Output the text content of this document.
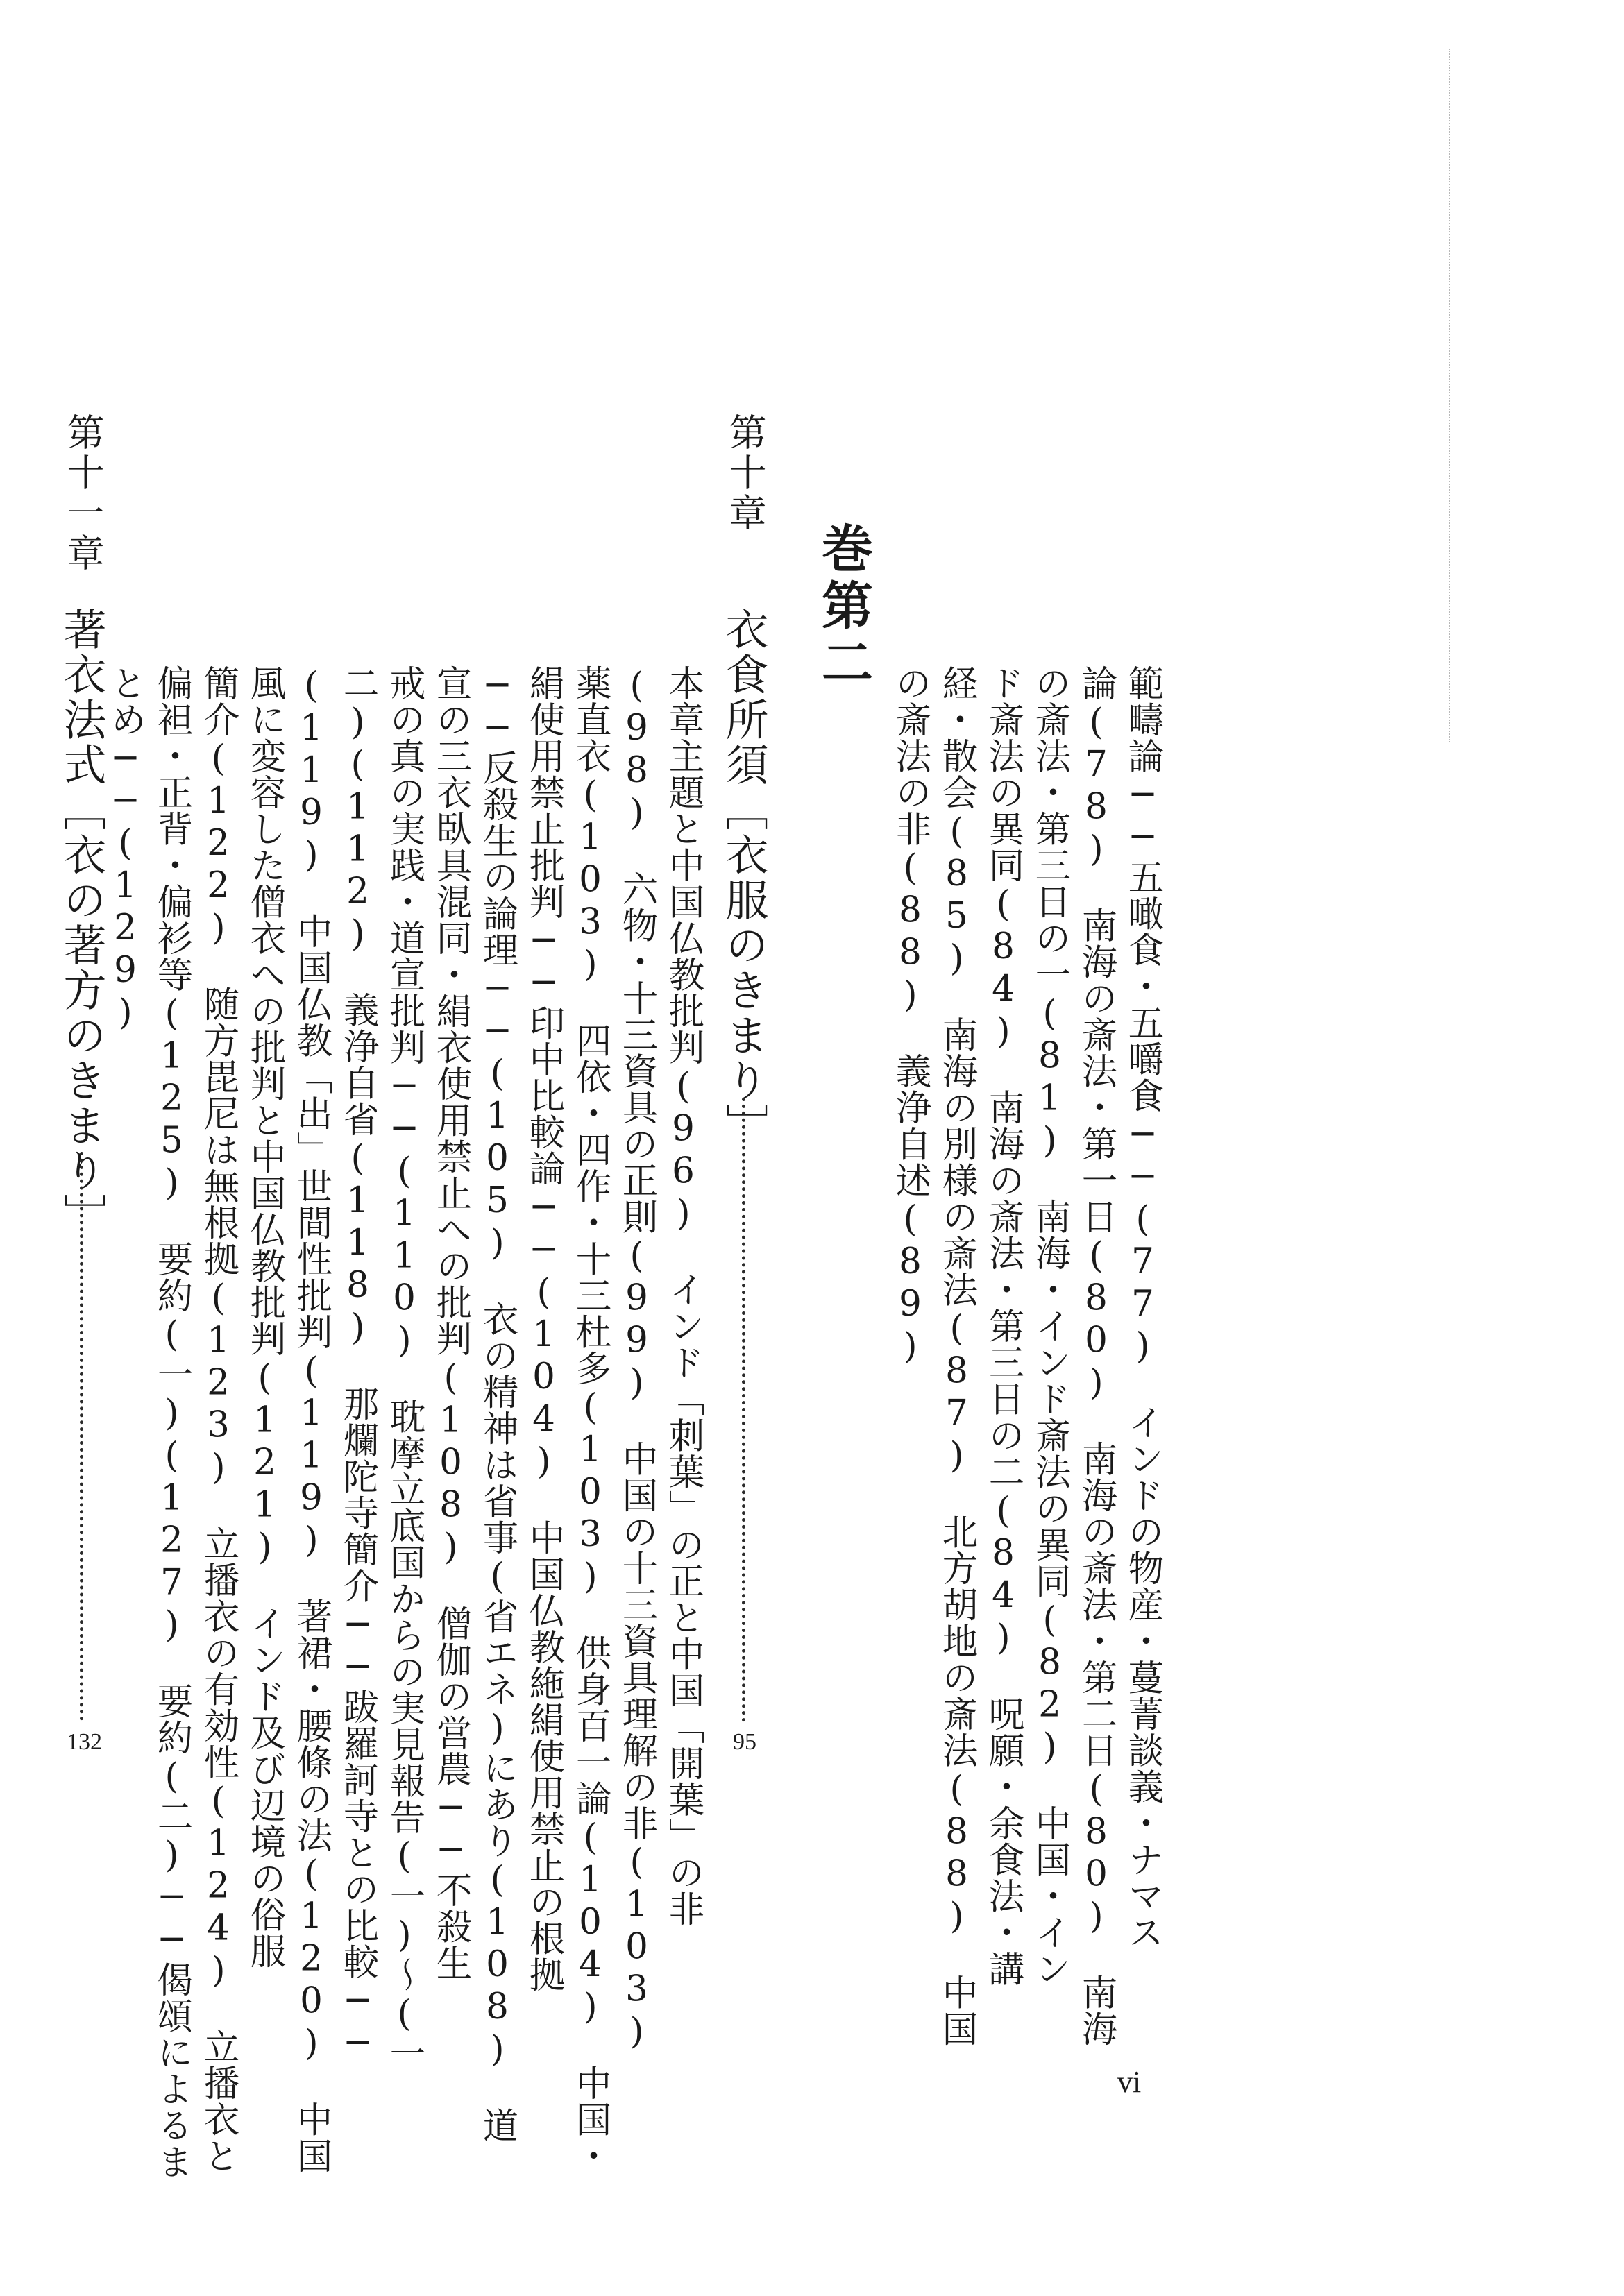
巻第二
範疇論──五噉食・五嚼食──(77)　インドの物産・蔓菁談義・ナマス
論(78)　南海の斎法・第一日(80)　南海の斎法・第二日(80)　南海
の斎法・第三日の一(81)　南海・インド斎法の異同(82)　中国・イン
ド斎法の異同(84)　南海の斎法・第三日の二(84)　呪願・余食法・講
経・散会(85)　南海の別様の斎法(87)　北方胡地の斎法(88)　中国
の斎法の非(88)　義浄自述(89)
第十章
衣食所須［衣服のきまり］
95
本章主題と中国仏教批判(96)　インド「刺葉」の正と中国「開葉」の非
(98)　六物・十三資具の正則(99)　中国の十三資具理解の非(103)
薬直衣(103)　四依・四作・十三杜多(103)　供身百一論(104)　中国・
絹使用禁止批判──印中比較論──(104)　中国仏教絁絹使用禁止の根拠
──反殺生の論理──(105)　衣の精神は省事(省エネ)にあり(108)　道
宣の三衣臥具混同・絹衣使用禁止への批判(108)　僧伽の営農──不殺生
戒の真の実践・道宣批判──(110)　耽摩立底国からの実見報告(一)〜(一
二)(112)　義浄自省(118)　那爛陀寺簡介──跋羅訶寺との比較──
(119)　中国仏教「出」世間性批判(119)　著裙・腰條の法(120)　中国
風に変容した僧衣への批判と中国仏教批判(121)　インド及び辺境の俗服
簡介(122)　随方毘尼は無根拠(123)　立播衣の有効性(124)　立播衣と
偏袒・正背・偏衫等(125)　要約(一)(127)　要約(二)──偈頌によるま
とめ──(129)
第十一章
著衣法式［衣の著方のきまり］
132
vi
